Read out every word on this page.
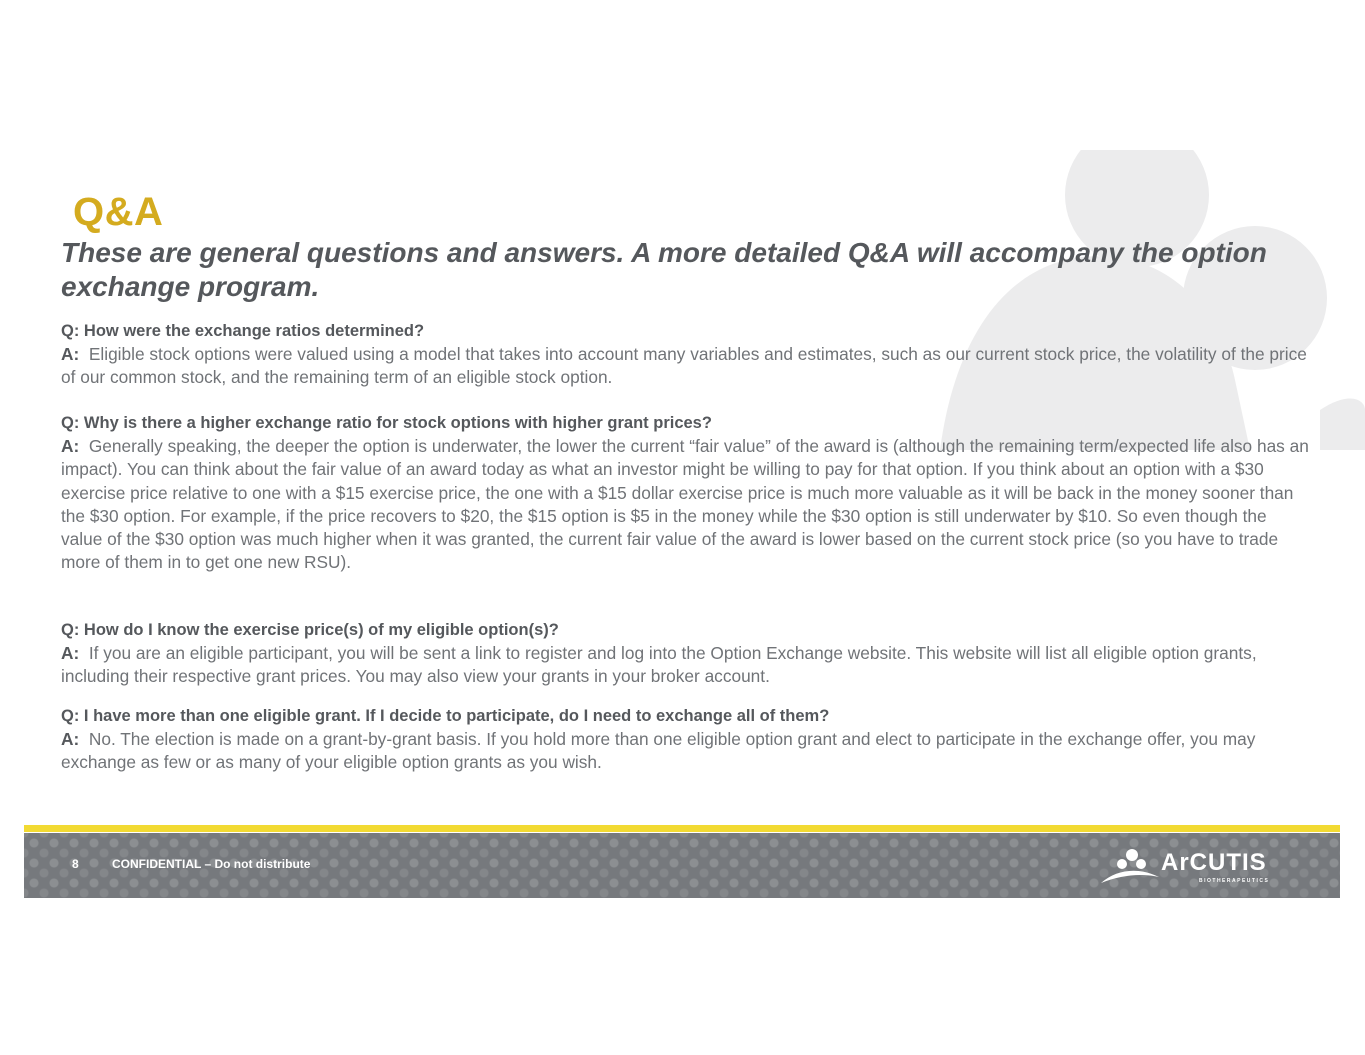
Q&A
These are general questions and answers. A more detailed Q&A will accompany the option exchange program.

Q: How were the exchange ratios determined?

A: Eligible stock options were valued using a model that takes into account many variables and estimates, such as our current stock price, the volatility of the price of our common stock, and the remaining term of an eligible stock option.

Q: Why is there a higher exchange ratio for stock options with higher grant prices?

A: Generally speaking, the deeper the option is underwater, the lower the current “fair value” of the award is (although the remaining term/expected life also has an impact). You can think about the fair value of an award today as what an investor might be willing to pay for that option. If you think about an option with a $30 exercise price relative to one with a $15 exercise price, the one with a $15 dollar exercise price is much more valuable as it will be back in the money sooner than the $30 option. For example, if the price recovers to $20, the $15 option is $5 in the money while the $30 option is still underwater by $10. So even though the value of the $30 option was much higher when it was granted, the current fair value of the award is lower based on the current stock price (so you have to trade more of them in to get one new RSU).

Q: How do I know the exercise price(s) of my eligible option(s)?

A: If you are an eligible participant, you will be sent a link to register and log into the Option Exchange website. This website will list all eligible option grants, including their respective grant prices. You may also view your grants in your broker account.

Q: I have more than one eligible grant. If I decide to participate, do I need to exchange all of them?

A: No. The election is made on a grant-by-grant basis. If you hold more than one eligible option grant and elect to participate in the exchange offer, you may exchange as few or as many of your eligible option grants as you wish.

8	CONFIDENTIAL – Do not distribute	ArCUTIS
BIOTHERAPEUTICS
